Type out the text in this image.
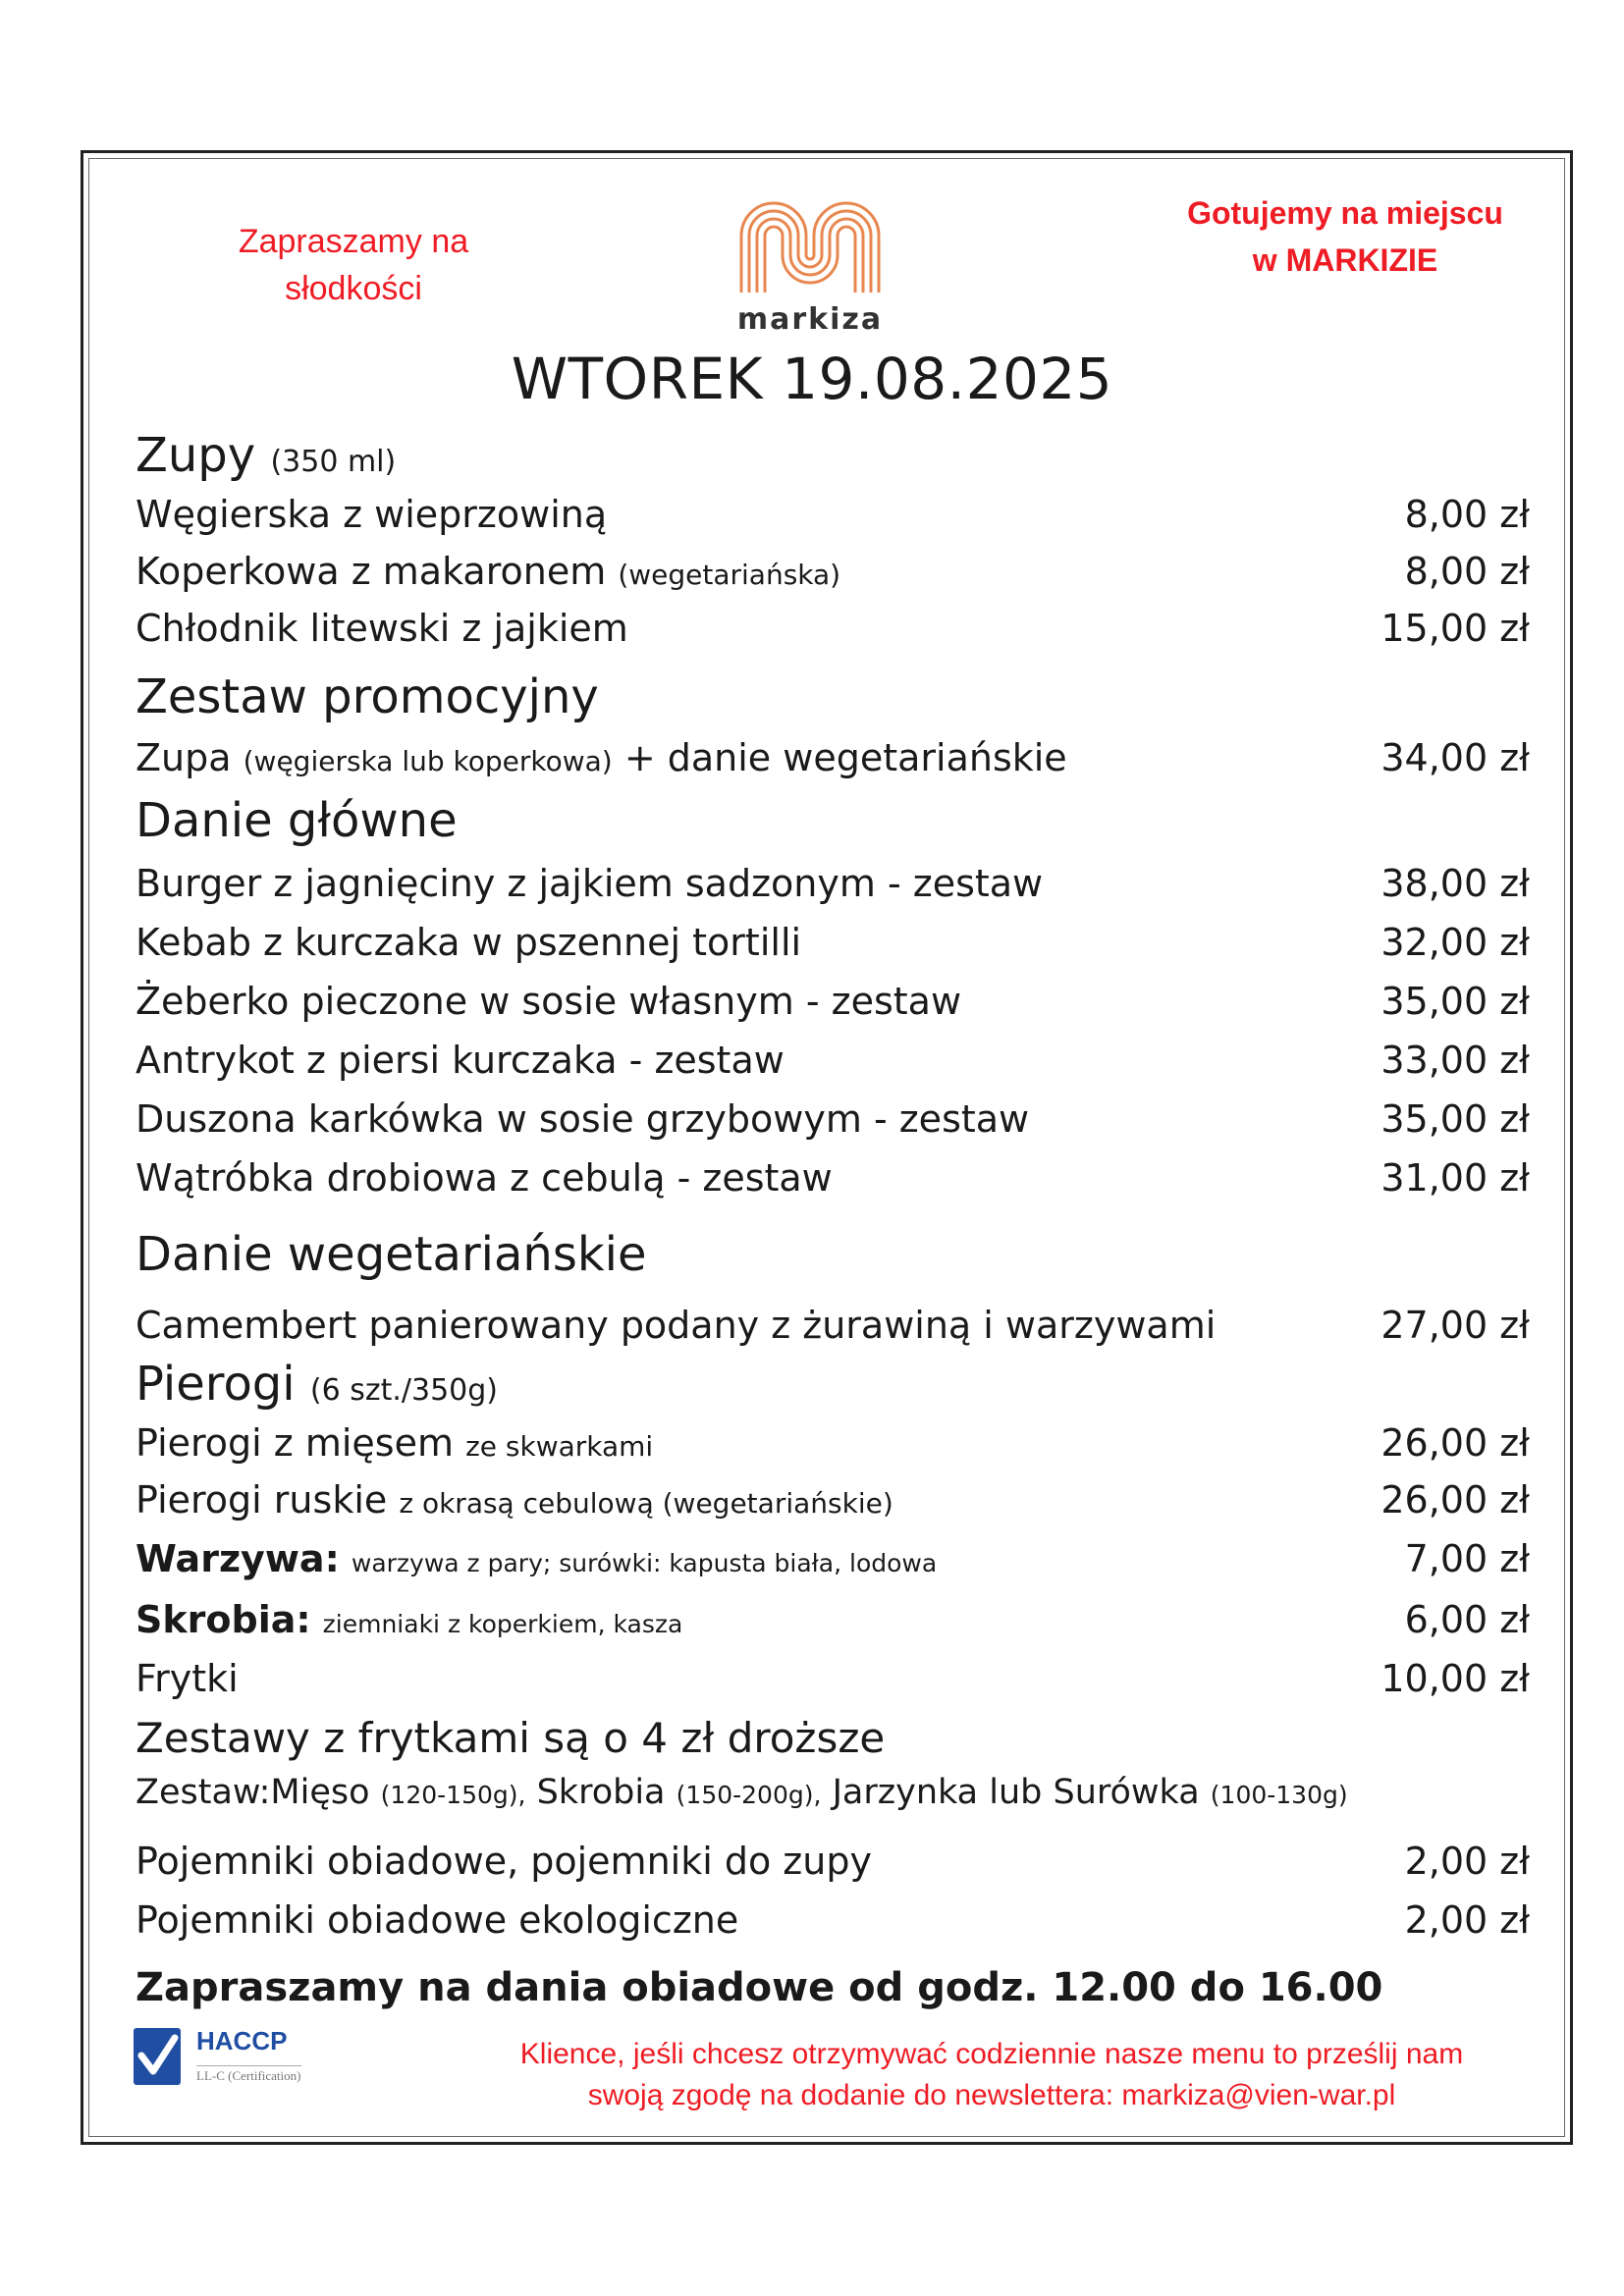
Zapraszamy na
słodkości
markiza
Gotujemy na miejscu
w MARKIZIE
WTOREK 19.08.2025
Zupy (350 ml)
Węgierska z wieprzowiną	8,00 zł
Koperkowa z makaronem (wegetariańska)	8,00 zł
Chłodnik litewski z jajkiem	15,00 zł
Zestaw promocyjny
Zupa (węgierska lub koperkowa) + danie wegetariańskie	34,00 zł
Danie główne
Burger z jagnięciny z jajkiem sadzonym - zestaw	38,00 zł
Kebab z kurczaka w pszennej tortilli	32,00 zł
Żeberko pieczone w sosie własnym - zestaw	35,00 zł
Antrykot z piersi kurczaka - zestaw	33,00 zł
Duszona karkówka w sosie grzybowym - zestaw	35,00 zł
Wątróbka drobiowa z cebulą - zestaw	31,00 zł
Danie wegetariańskie
Camembert panierowany podany z żurawiną i warzywami	27,00 zł
Pierogi (6 szt./350g)
Pierogi z mięsem ze skwarkami	26,00 zł
Pierogi ruskie z okrasą cebulową (wegetariańskie)	26,00 zł
Warzywa: warzywa z pary; surówki: kapusta biała, lodowa	7,00 zł
Skrobia: ziemniaki z koperkiem, kasza	6,00 zł
Frytki	10,00 zł
Zestawy z frytkami są o 4 zł droższe
Zestaw:Mięso (120-150g), Skrobia (150-200g), Jarzynka lub Surówka (100-130g)
Pojemniki obiadowe, pojemniki do zupy	2,00 zł
Pojemniki obiadowe ekologiczne	2,00 zł
Zapraszamy na dania obiadowe od godz. 12.00 do 16.00
HACCP
LL-C (Certification)
Klience, jeśli chcesz otrzymywać codziennie nasze menu to prześlij nam
swoją zgodę na dodanie do newslettera: markiza@vien-war.pl
